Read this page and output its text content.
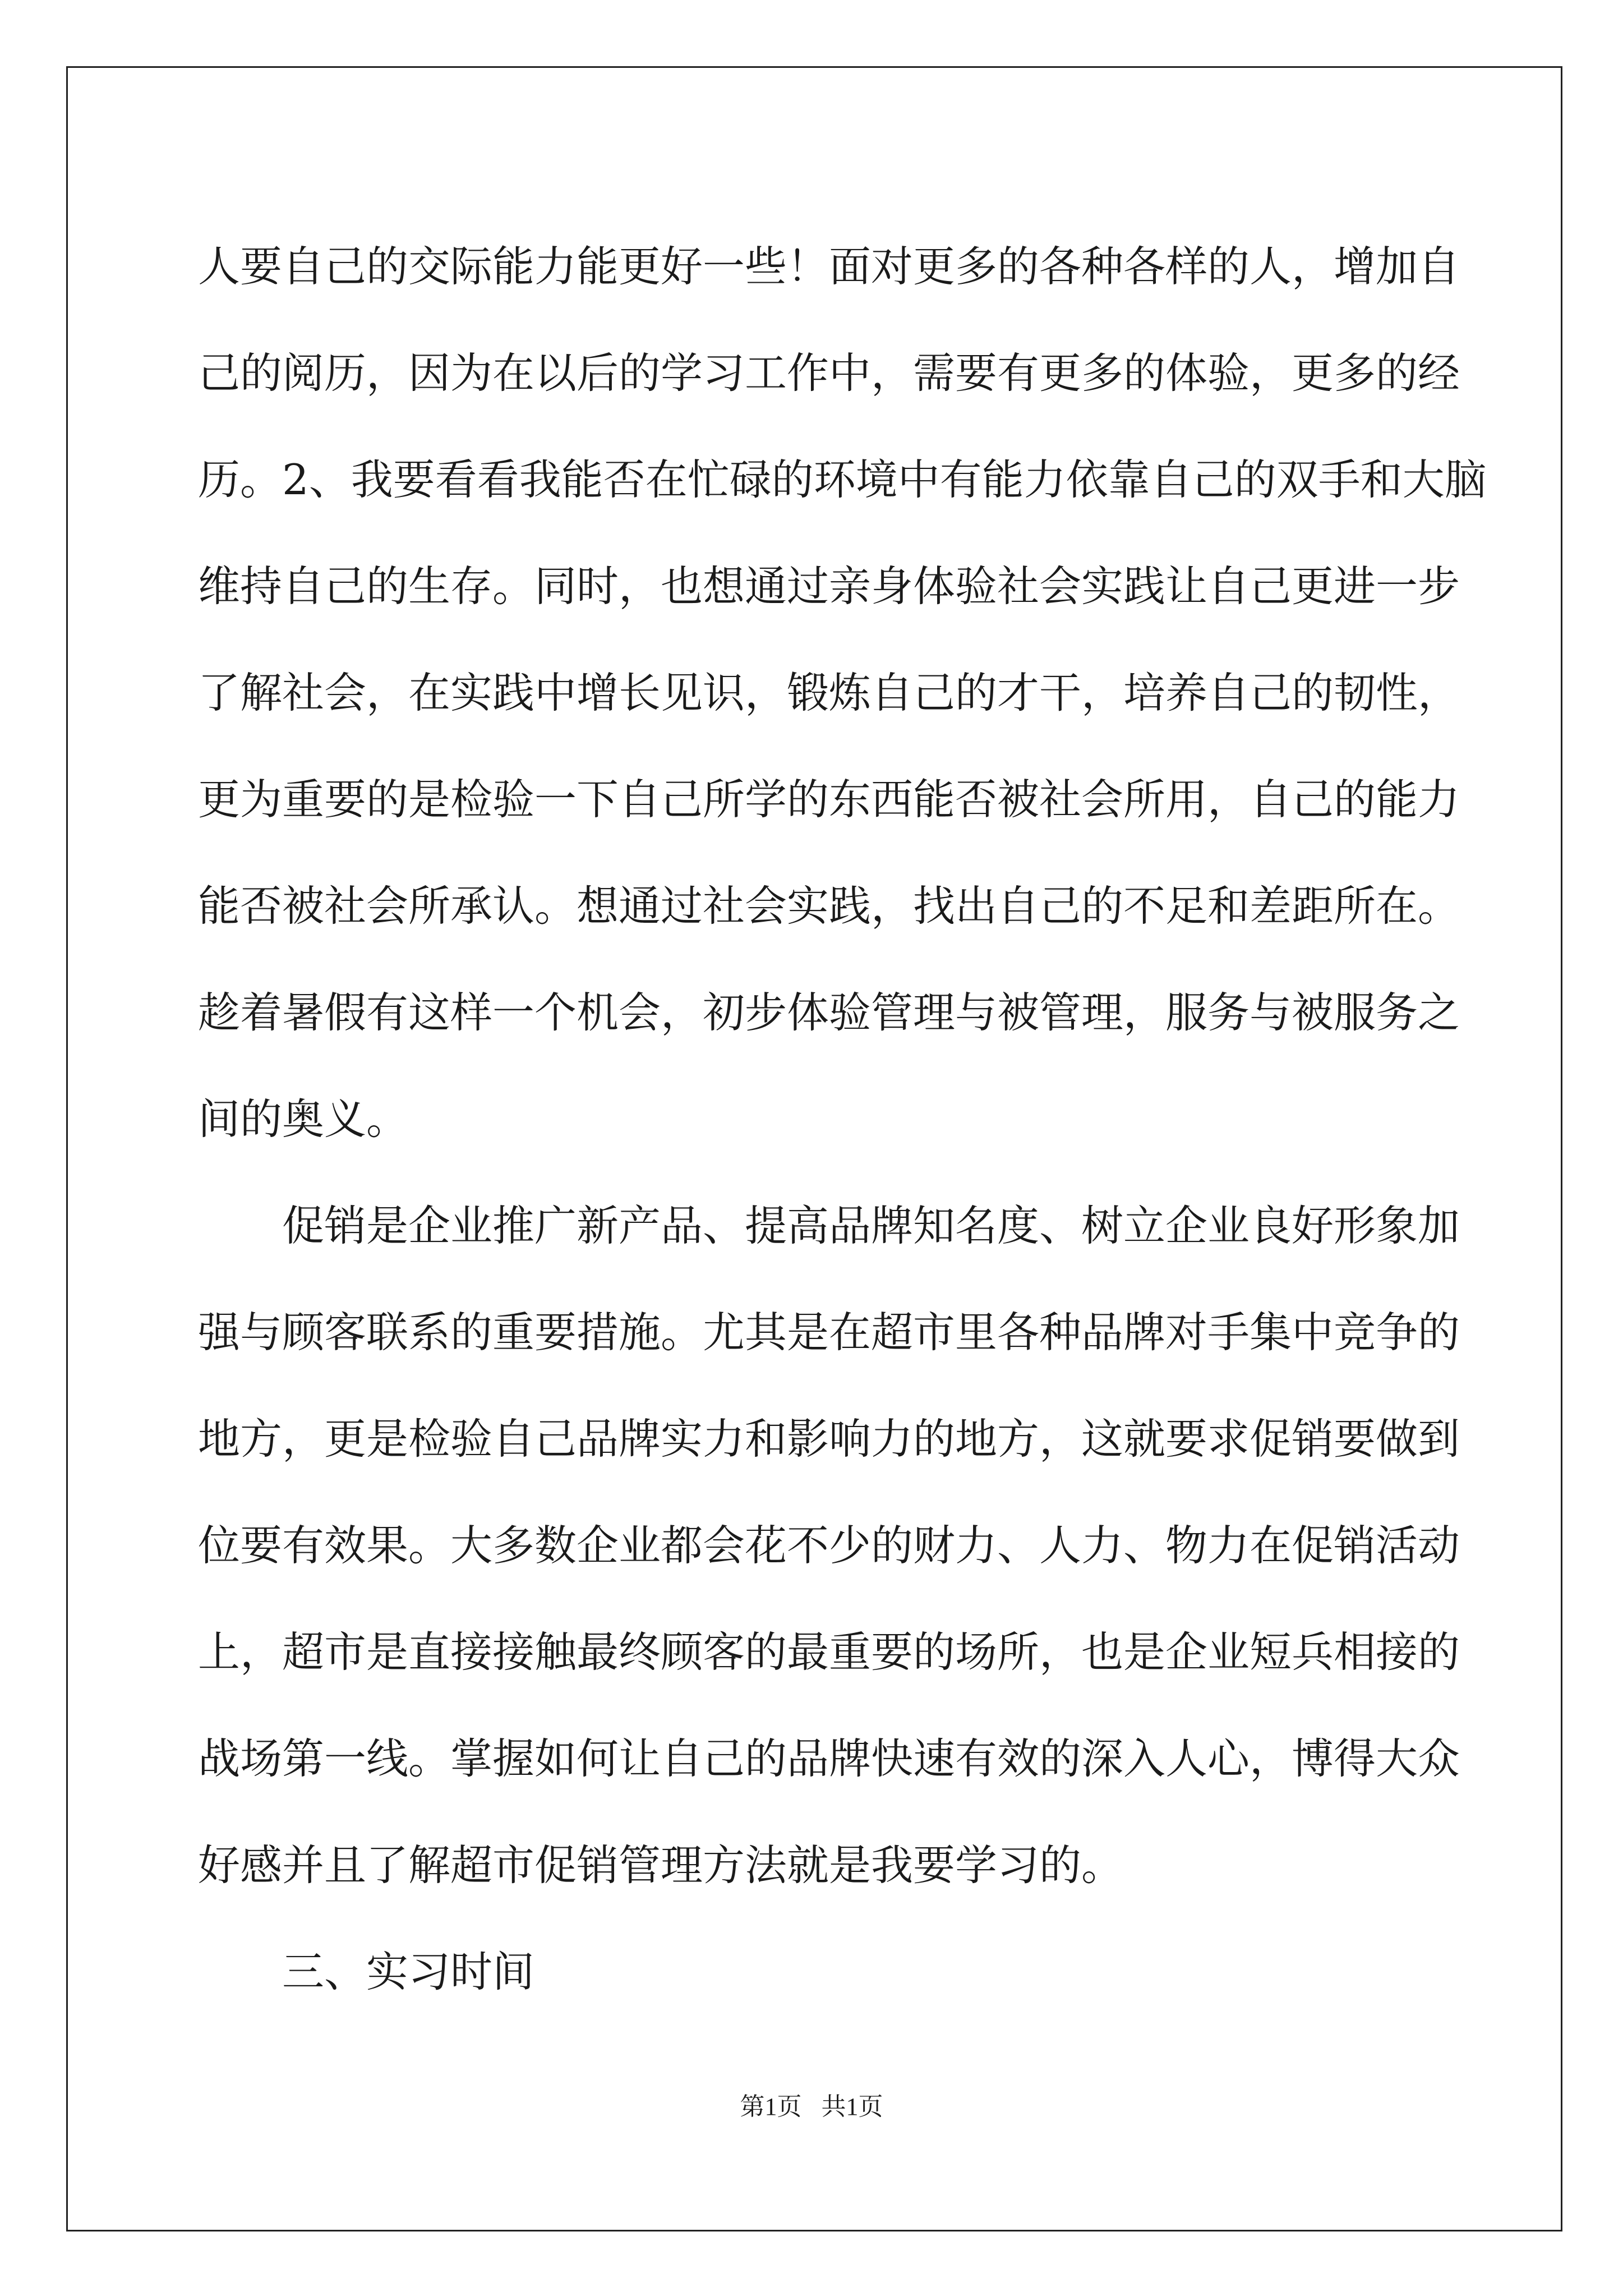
人要自己的交际能力能更好一些！面对更多的各种各样的人，增加自
己的阅历，因为在以后的学习工作中，需要有更多的体验，更多的经
历。2、我要看看我能否在忙碌的环境中有能力依靠自己的双手和大脑
维持自己的生存。同时，也想通过亲身体验社会实践让自己更进一步
了解社会，在实践中增长见识，锻炼自己的才干，培养自己的韧性，
更为重要的是检验一下自己所学的东西能否被社会所用，自己的能力
能否被社会所承认。想通过社会实践，找出自己的不足和差距所在。
趁着暑假有这样一个机会，初步体验管理与被管理，服务与被服务之
间的奥义。
促销是企业推广新产品、提高品牌知名度、树立企业良好形象加
强与顾客联系的重要措施。尤其是在超市里各种品牌对手集中竞争的
地方，更是检验自己品牌实力和影响力的地方，这就要求促销要做到
位要有效果。大多数企业都会花不少的财力、人力、物力在促销活动
上，超市是直接接触最终顾客的最重要的场所，也是企业短兵相接的
战场第一线。掌握如何让自己的品牌快速有效的深入人心，博得大众
好感并且了解超市促销管理方法就是我要学习的。
三、实习时间
第1页 共1页
